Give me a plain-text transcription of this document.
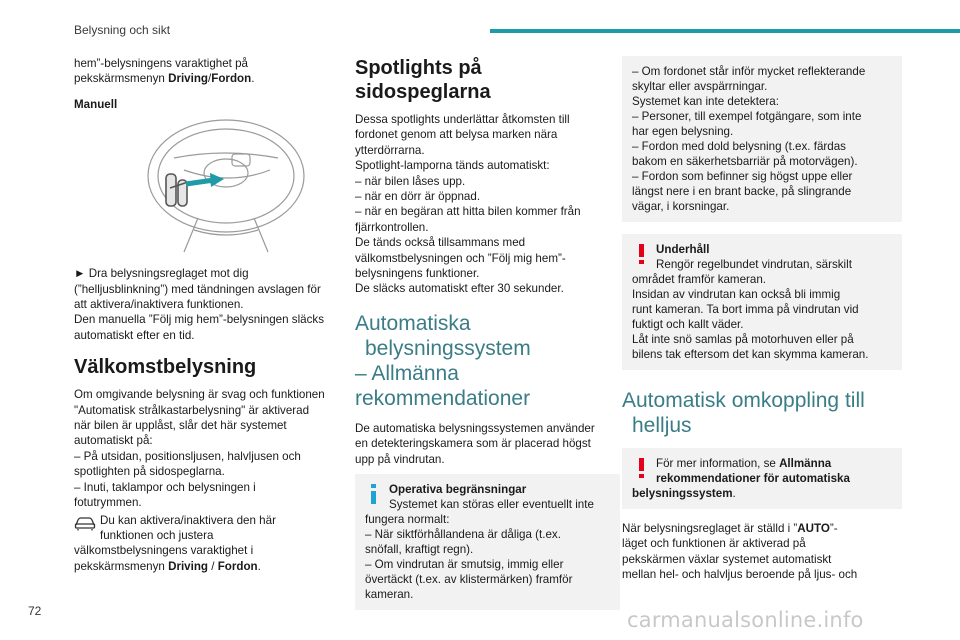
Belysning och sikt

hem”-belysningens varaktighet på
pekskärmsmenyn Driving/Fordon.

Manuell

► Dra belysningsreglaget mot dig
(”helljusblinkning”) med tändningen avslagen för
att aktivera/inaktivera funktionen.
Den manuella ”Följ mig hem”-belysningen släcks
automatiskt efter en tid.

Välkomstbelysning

Om omgivande belysning är svag och funktionen
"Automatisk strålkastarbelysning" är aktiverad
när bilen är upplåst, slår det här systemet
automatiskt på:
– På utsidan, positionsljusen, halvljusen och
spotlighten på sidospeglarna.
– Inuti, taklampor och belysningen i
fotutrymmen.

Du kan aktivera/inaktivera den här
funktionen och justera

välkomstbelysningens varaktighet i
pekskärmsmenyn Driving / Fordon.

Spotlights på sidospeglarna

Dessa spotlights underlättar åtkomsten till
fordonet genom att belysa marken nära
ytterdörrarna.
Spotlight-lamporna tänds automatiskt:
– när bilen låses upp.
– när en dörr är öppnad.
– när en begäran att hitta bilen kommer från
fjärrkontrollen.
De tänds också tillsammans med
välkomstbelysningen och ”Följ mig hem”-
belysningens funktioner.
De släcks automatiskt efter 30 sekunder.

Automatiska
belysningssystem
– Allmänna
rekommendationer

De automatiska belysningssystemen använder
en detekteringskamera som är placerad högst
upp på vindrutan.

Operativa begränsningar
Systemet kan störas eller eventuellt inte
fungera normalt:
– När siktförhållandena är dåliga (t.ex.
snöfall, kraftigt regn).
– Om vindrutan är smutsig, immig eller
övertäckt (t.ex. av klistermärken) framför
kameran.
– Om fordonet står inför mycket reflekterande
skyltar eller avspärrningar.
Systemet kan inte detektera:
– Personer, till exempel fotgängare, som inte
har egen belysning.
– Fordon med dold belysning (t.ex. färdas
bakom en säkerhetsbarriär på motorvägen).
– Fordon som befinner sig högst uppe eller
längst nere i en brant backe, på slingrande
vägar, i korsningar.
Underhåll
Rengör regelbundet vindrutan, särskilt
området framför kameran.
Insidan av vindrutan kan också bli immig
runt kameran. Ta bort imma på vindrutan vid
fuktigt och kallt väder.
Låt inte snö samlas på motorhuven eller på
bilens tak eftersom det kan skymma kameran.
Automatisk omkoppling till
helljus
För mer information, se Allmänna
rekommendationer för automatiska
belysningssystem.

När belysningsreglaget är ställd i ”AUTO”-
läget och funktionen är aktiverad på
pekskärmen växlar systemet automatiskt
mellan hel- och halvljus beroende på ljus- och

72	carmanualsonline.info
